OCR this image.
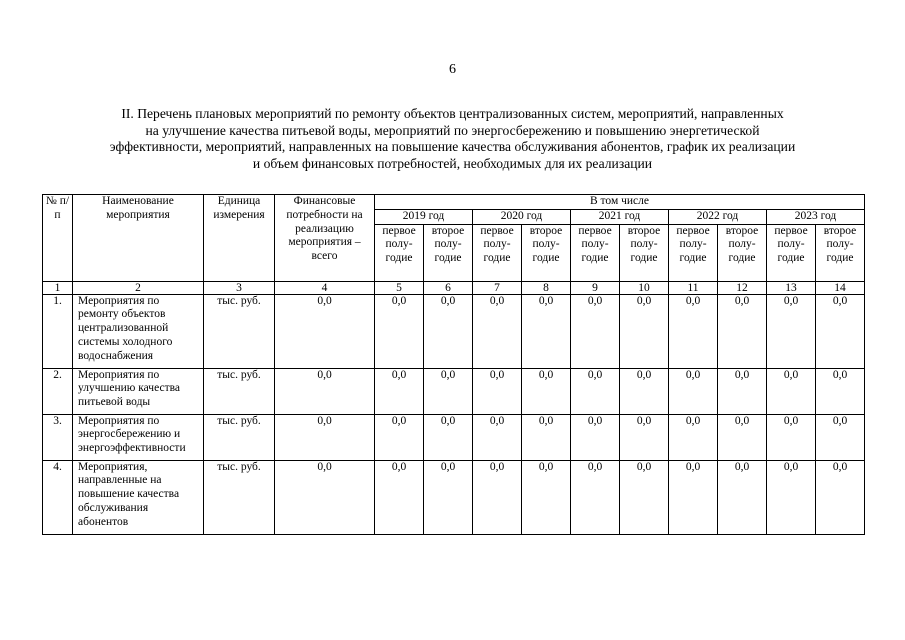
6
II. Перечень плановых мероприятий по ремонту объектов централизованных систем, мероприятий, направленных
на улучшение качества питьевой воды, мероприятий по энергосбережению и повышению энергетической
эффективности, мероприятий, направленных на повышение качества обслуживания абонентов, график их реализации
и объем финансовых потребностей, необходимых для их реализации
№ п/п	Наименование мероприятия	Единица измерения	Финансовые потребности на реализацию мероприятия – всего	В том числе									
				2019 год		2020 год		2021 год		2022 год		2023 год	
				первое полу-годие	второе полу-годие	первое полу-годие	второе полу-годие	первое полу-годие	второе полу-годие	первое полу-годие	второе полу-годие	первое полу-годие	второе полу-годие
1	2	3	4	5	6	7	8	9	10	11	12	13	14
1.	Мероприятия по ремонту объектов централизованной системы холодного водоснабжения	тыс. руб.	0,0	0,0	0,0	0,0	0,0	0,0	0,0	0,0	0,0	0,0	0,0
2.	Мероприятия по улучшению качества питьевой воды	тыс. руб.	0,0	0,0	0,0	0,0	0,0	0,0	0,0	0,0	0,0	0,0	0,0
3.	Мероприятия по энергосбережению и энергоэффективности	тыс. руб.	0,0	0,0	0,0	0,0	0,0	0,0	0,0	0,0	0,0	0,0	0,0
4.	Мероприятия, направленные на повышение качества обслуживания абонентов	тыс. руб.	0,0	0,0	0,0	0,0	0,0	0,0	0,0	0,0	0,0	0,0	0,0
